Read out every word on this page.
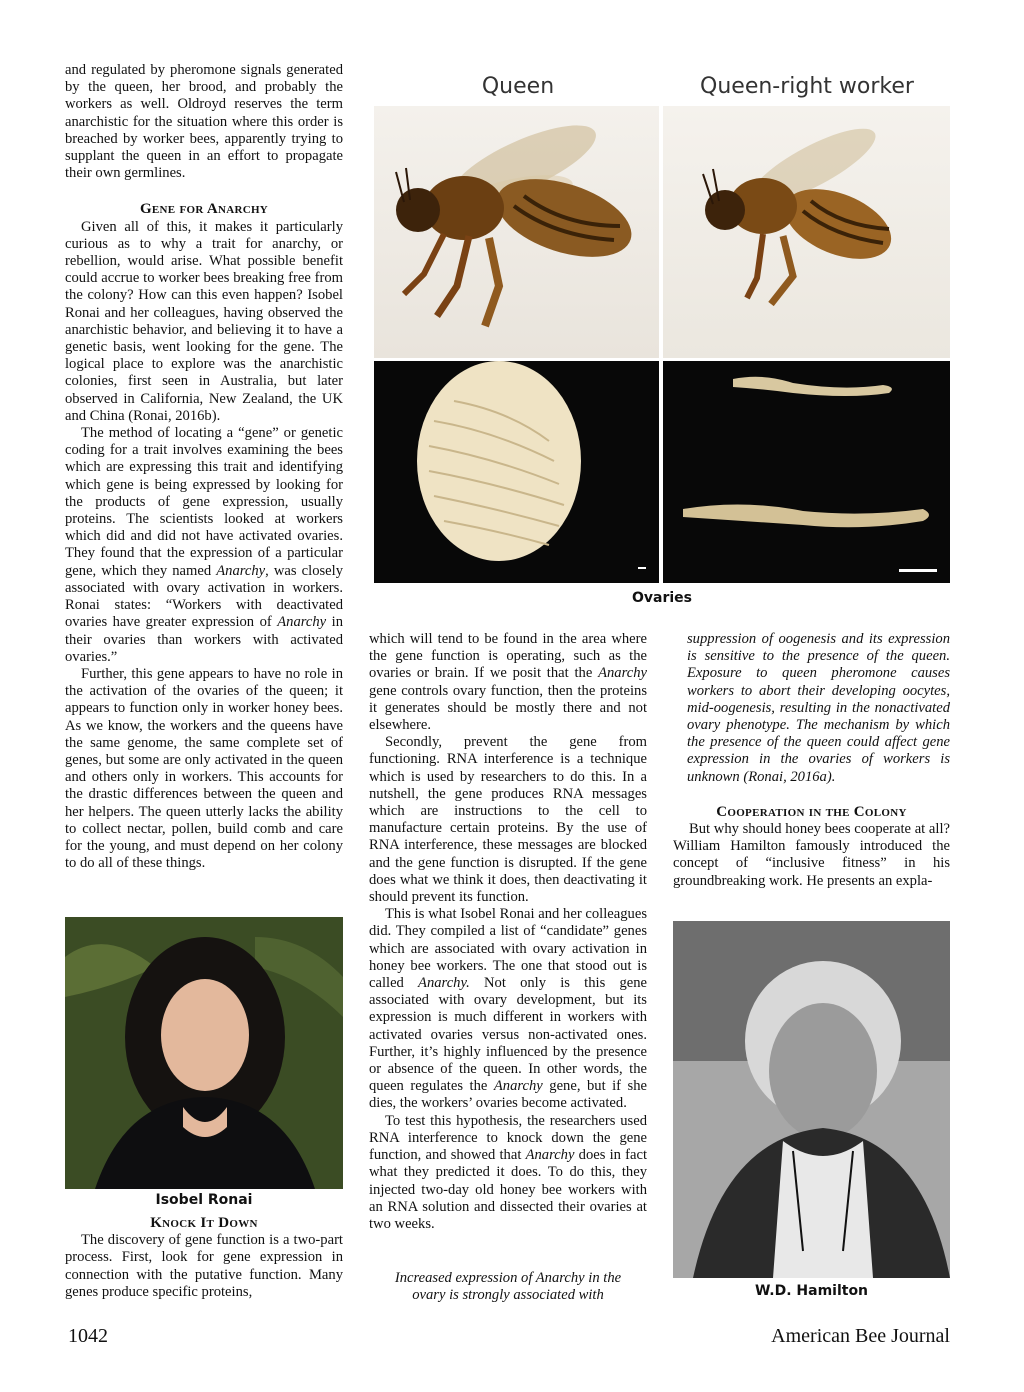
Queen	Queen-right worker
Ovaries

and regulated by pheromone signals generated by the queen, her brood, and probably the workers as well. Oldroyd reserves the term anarchistic for the situation where this order is breached by worker bees, apparently trying to supplant the queen in an effort to propagate their own germlines.

Gene for Anarchy

Given all of this, it makes it particularly curious as to why a trait for anarchy, or rebellion, would arise. What possible benefit could accrue to worker bees breaking free from the colony? How can this even happen? Isobel Ronai and her colleagues, having observed the anarchistic behavior, and believing it to have a genetic basis, went looking for the gene. The logical place to explore was the anarchistic colonies, first seen in Australia, but later observed in California, New Zealand, the UK and China (Ronai, 2016b).

The method of locating a “gene” or genetic coding for a trait involves examining the bees which are expressing this trait and identifying which gene is being expressed by looking for the products of gene expression, usually proteins. The scientists looked at workers which did and did not have activated ovaries. They found that the expression of a particular gene, which they named Anarchy, was closely associated with ovary activation in workers. Ronai states: “Workers with deactivated ovaries have greater expression of Anarchy in their ovaries than workers with activated ovaries.”

Further, this gene appears to have no role in the activation of the ovaries of the queen; it appears to function only in worker honey bees. As we know, the workers and the queens have the same genome, the same complete set of genes, but some are only activated in the queen and others only in workers. This accounts for the drastic differences between the queen and her helpers. The queen utterly lacks the ability to collect nectar, pollen, build comb and care for the young, and must depend on her colony to do all of these things.

Isobel Ronai
Knock It Down

The discovery of gene function is a two-part process. First, look for gene expression in connection with the putative function. Many genes produce specific proteins,

which will tend to be found in the area where the gene function is operating, such as the ovaries or brain. If we posit that the Anarchy gene controls ovary function, then the proteins it generates should be mostly there and not elsewhere.

Secondly, prevent the gene from functioning. RNA interference is a technique which is used by researchers to do this. In a nutshell, the gene produces RNA messages which are instructions to the cell to manufacture certain proteins. By the use of RNA interference, these messages are blocked and the gene function is disrupted. If the gene does what we think it does, then deactivating it should prevent its function.

This is what Isobel Ronai and her colleagues did. They compiled a list of “candidate” genes which are associated with ovary activation in honey bee workers. The one that stood out is called Anarchy. Not only is this gene associated with ovary development, but its expression is much different in workers with activated ovaries versus non-activated ones. Further, it’s highly influenced by the presence or absence of the queen. In other words, the queen regulates the Anarchy gene, but if she dies, the workers’ ovaries become activated.

To test this hypothesis, the researchers used RNA interference to knock down the gene function, and showed that Anarchy does in fact what they predicted it does. To do this, they injected two-day old honey bee workers with an RNA solution and dissected their ovaries at two weeks.

Increased expression of Anarchy in the ovary is strongly associated with

suppression of oogenesis and its expression is sensitive to the presence of the queen. Exposure to queen pheromone causes workers to abort their developing oocytes, mid-oogenesis, resulting in the nonactivated ovary phenotype. The mechanism by which the presence of the queen could affect gene expression in the ovaries of workers is unknown (Ronai, 2016a).

Cooperation in the Colony

But why should honey bees cooperate at all? William Hamilton famously introduced the concept of “inclusive fitness” in his groundbreaking work. He presents an expla-

W.D. Hamilton
1042	American Bee Journal
